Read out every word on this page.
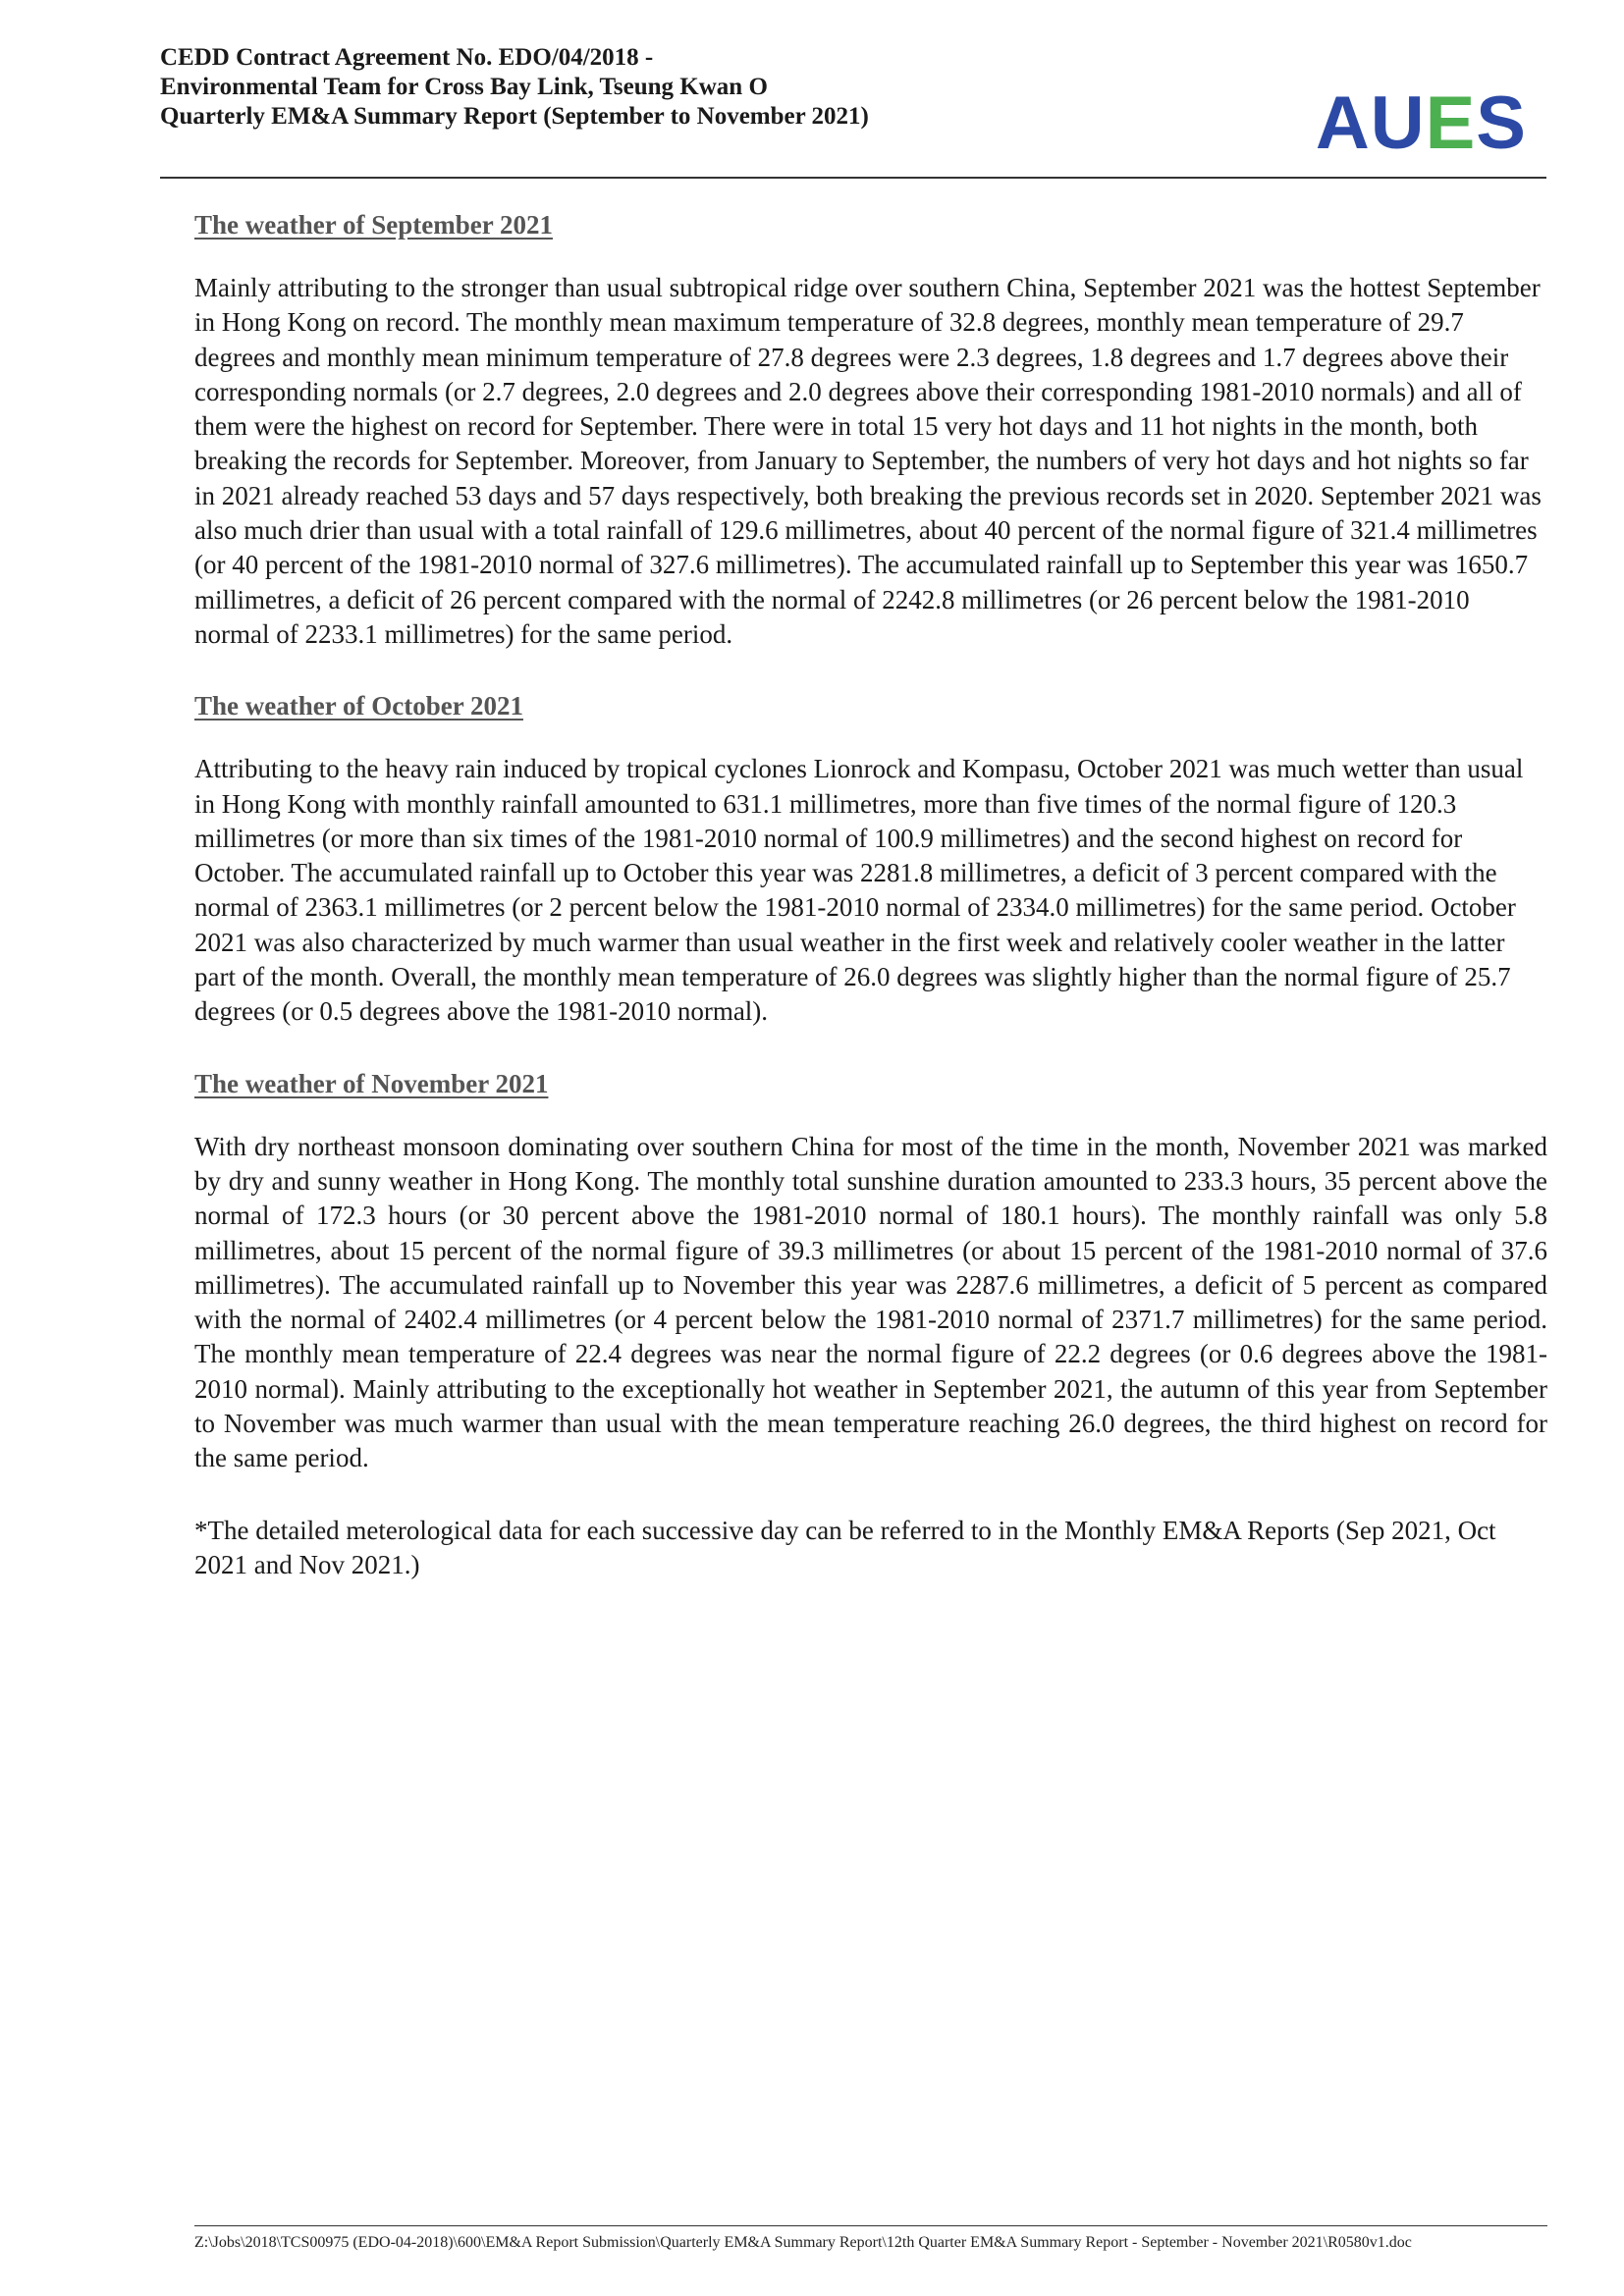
CEDD Contract Agreement No. EDO/04/2018 -
Environmental Team for Cross Bay Link, Tseung Kwan O
Quarterly EM&A Summary Report (September to November 2021)	AUES
The weather of September 2021

Mainly attributing to the stronger than usual subtropical ridge over southern China, September 2021 was the hottest September in Hong Kong on record. The monthly mean maximum temperature of 32.8 degrees, monthly mean temperature of 29.7 degrees and monthly mean minimum temperature of 27.8 degrees were 2.3 degrees, 1.8 degrees and 1.7 degrees above their corresponding normals (or 2.7 degrees, 2.0 degrees and 2.0 degrees above their corresponding 1981-2010 normals) and all of them were the highest on record for September. There were in total 15 very hot days and 11 hot nights in the month, both breaking the records for September. Moreover, from January to September, the numbers of very hot days and hot nights so far in 2021 already reached 53 days and 57 days respectively, both breaking the previous records set in 2020. September 2021 was also much drier than usual with a total rainfall of 129.6 millimetres, about 40 percent of the normal figure of 321.4 millimetres (or 40 percent of the 1981-2010 normal of 327.6 millimetres). The accumulated rainfall up to September this year was 1650.7 millimetres, a deficit of 26 percent compared with the normal of 2242.8 millimetres (or 26 percent below the 1981-2010 normal of 2233.1 millimetres) for the same period.

The weather of October 2021

Attributing to the heavy rain induced by tropical cyclones Lionrock and Kompasu, October 2021 was much wetter than usual in Hong Kong with monthly rainfall amounted to 631.1 millimetres, more than five times of the normal figure of 120.3 millimetres (or more than six times of the 1981-2010 normal of 100.9 millimetres) and the second highest on record for October. The accumulated rainfall up to October this year was 2281.8 millimetres, a deficit of 3 percent compared with the normal of 2363.1 millimetres (or 2 percent below the 1981-2010 normal of 2334.0 millimetres) for the same period. October 2021 was also characterized by much warmer than usual weather in the first week and relatively cooler weather in the latter part of the month. Overall, the monthly mean temperature of 26.0 degrees was slightly higher than the normal figure of 25.7 degrees (or 0.5 degrees above the 1981-2010 normal).

The weather of November 2021

With dry northeast monsoon dominating over southern China for most of the time in the month, November 2021 was marked by dry and sunny weather in Hong Kong. The monthly total sunshine duration amounted to 233.3 hours, 35 percent above the normal of 172.3 hours (or 30 percent above the 1981-2010 normal of 180.1 hours). The monthly rainfall was only 5.8 millimetres, about 15 percent of the normal figure of 39.3 millimetres (or about 15 percent of the 1981-2010 normal of 37.6 millimetres). The accumulated rainfall up to November this year was 2287.6 millimetres, a deficit of 5 percent as compared with the normal of 2402.4 millimetres (or 4 percent below the 1981-2010 normal of 2371.7 millimetres) for the same period. The monthly mean temperature of 22.4 degrees was near the normal figure of 22.2 degrees (or 0.6 degrees above the 1981-2010 normal). Mainly attributing to the exceptionally hot weather in September 2021, the autumn of this year from September to November was much warmer than usual with the mean temperature reaching 26.0 degrees, the third highest on record for the same period.

*The detailed meterological data for each successive day can be referred to in the Monthly EM&A Reports (Sep 2021, Oct 2021 and Nov 2021.)

Z:\Jobs\2018\TCS00975 (EDO-04-2018)\600\EM&A Report Submission\Quarterly EM&A Summary Report\12th Quarter EM&A Summary Report - September - November 2021\R0580v1.doc
